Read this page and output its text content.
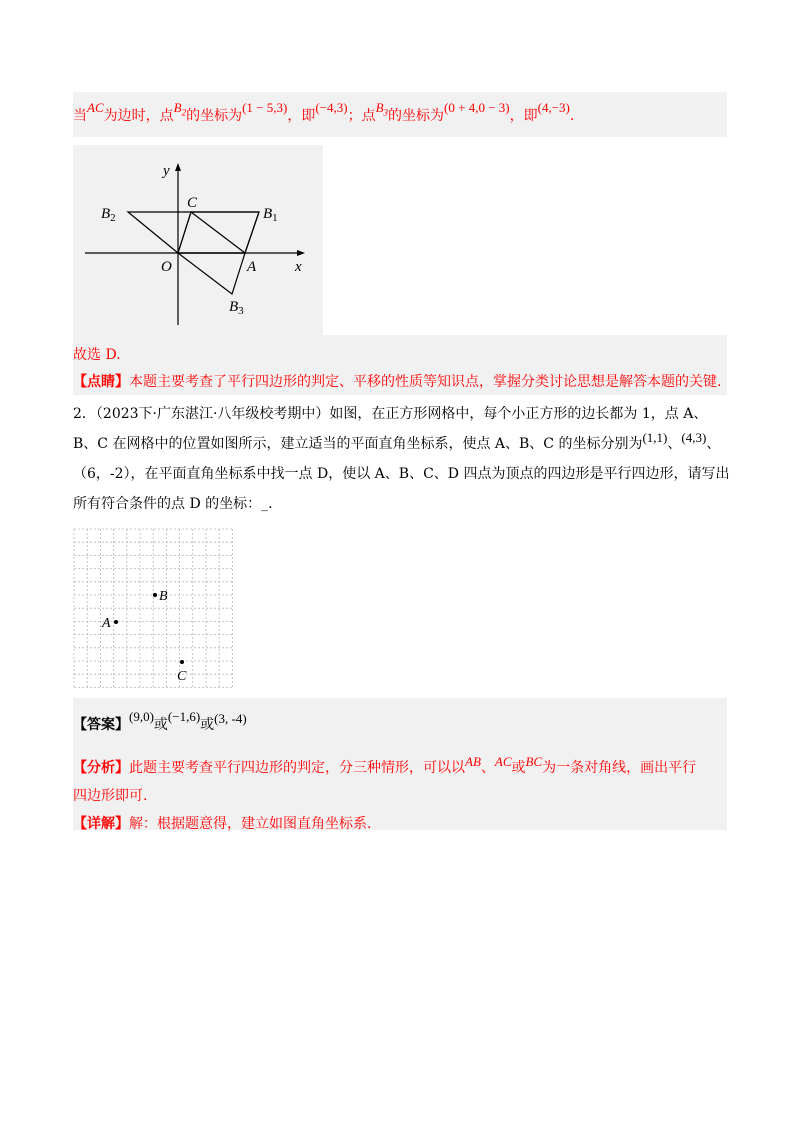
当AC为边时，点$B_2$的坐标为(1 − 5,3)，即(−4,3)；点$B_3$的坐标为(0 + 4,0 − 3)，即(4,−3).
y
x
O	A
C
$B_2$	$B_1$
$B_3$
故选 D.
【点睛】本题主要考查了平行四边形的判定、平移的性质等知识点，掌握分类讨论思想是解答本题的关键.
2．（2023下·广东湛江·八年级校考期中）如图，在正方形网格中，每个小正方形的边长都为 1，点 A、
B、C 在网格中的位置如图所示，建立适当的平面直角坐标系，使点 A、B、C 的坐标分别为(1,1)、(4,3)、
（6，-2），在平面直角坐标系中找一点 D，使以 A、B、C、D 四点为顶点的四边形是平行四边形，请写出
所有符合条件的点 D 的坐标：_.
A
B
C
【答案】(9,0)或(−1,6)或(3, -4)
【分析】此题主要考查平行四边形的判定，分三种情形，可以以AB、AC或BC为一条对角线，画出平行
四边形即可.
【详解】解：根据题意得，建立如图直角坐标系.
